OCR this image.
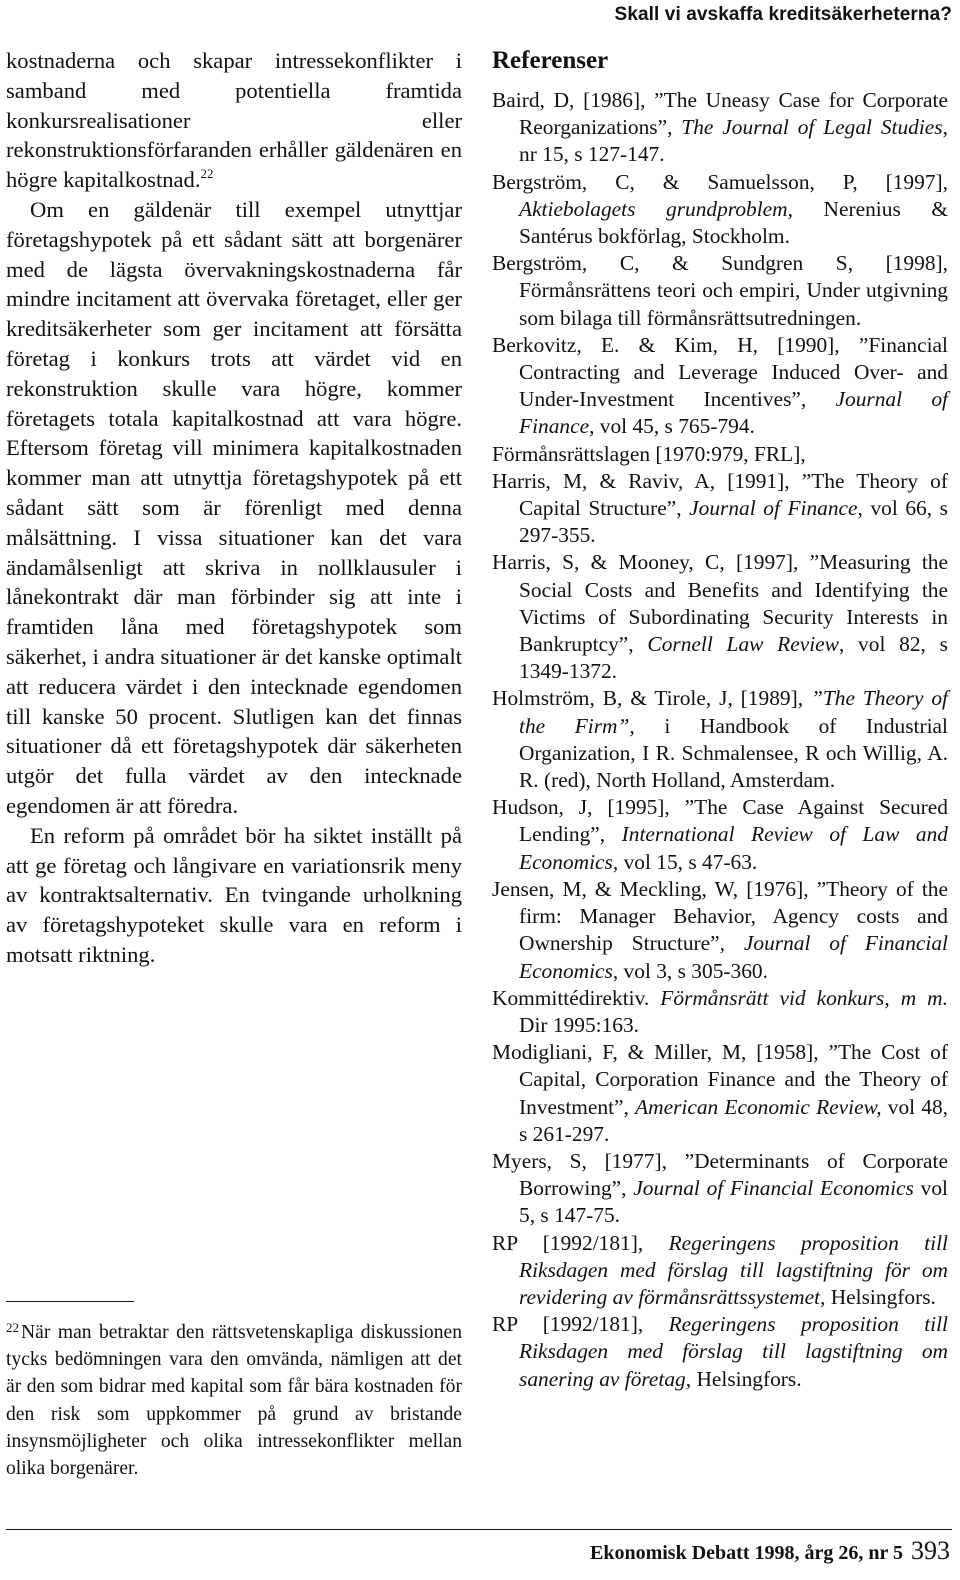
Skall vi avskaffa kreditsäkerheterna?

kostnaderna och skapar intressekonflikter i samband med potentiella framtida konkursrealisationer eller rekonstruktionsförfaranden erhåller gäldenären en högre kapitalkostnad.$^{22}$

Om en gäldenär till exempel utnyttjar företagshypotek på ett sådant sätt att borgenärer med de lägsta övervakningskostnaderna får mindre incitament att övervaka företaget, eller ger kreditsäkerheter som ger incitament att försätta företag i konkurs trots att värdet vid en rekonstruktion skulle vara högre, kommer företagets totala kapitalkostnad att vara högre. Eftersom företag vill minimera kapitalkostnaden kommer man att utnyttja företagshypotek på ett sådant sätt som är förenligt med denna målsättning. I vissa situationer kan det vara ändamålsenligt att skriva in nollklausuler i lånekontrakt där man förbinder sig att inte i framtiden låna med företagshypotek som säkerhet, i andra situationer är det kanske optimalt att reducera värdet i den intecknade egendomen till kanske 50 procent. Slutligen kan det finnas situationer då ett företagshypotek där säkerheten utgör det fulla värdet av den intecknade egendomen är att föredra.

En reform på området bör ha siktet inställt på att ge företag och långivare en variationsrik meny av kontraktsalternativ. En tvingande urholkning av företagshypoteket skulle vara en reform i motsatt riktning.

$^{22}$ När man betraktar den rättsvetenskapliga diskussionen tycks bedömningen vara den omvända, nämligen att det är den som bidrar med kapital som får bära kostnaden för den risk som uppkommer på grund av bristande insynsmöjligheter och olika intressekonflikter mellan olika borgenärer.
Referenser
Baird, D, [1986], ”The Uneasy Case for Corporate Reorganizations”, The Journal of Legal Studies, nr 15, s 127-147.
Bergström, C, & Samuelsson, P, [1997], Aktiebolagets grundproblem, Nerenius & Santérus bokförlag, Stockholm.
Bergström, C, & Sundgren S, [1998], Förmånsrättens teori och empiri, Under utgivning som bilaga till förmånsrättsutredningen.
Berkovitz, E. & Kim, H, [1990], ”Financial Contracting and Leverage Induced Over- and Under-Investment Incentives”, Journal of Finance, vol 45, s 765-794.
Förmånsrättslagen [1970:979, FRL],
Harris, M, & Raviv, A, [1991], ”The Theory of Capital Structure”, Journal of Finance, vol 66, s 297-355.
Harris, S, & Mooney, C, [1997], ”Measuring the Social Costs and Benefits and Identifying the Victims of Subordinating Security Interests in Bankruptcy”, Cornell Law Review, vol 82, s 1349-1372.
Holmström, B, & Tirole, J, [1989], ”The Theory of the Firm”, i Handbook of Industrial Organization, I R. Schmalensee, R och Willig, A. R. (red), North Holland, Amsterdam.
Hudson, J, [1995], ”The Case Against Secured Lending”, International Review of Law and Economics, vol 15, s 47-63.
Jensen, M, & Meckling, W, [1976], ”Theory of the firm: Manager Behavior, Agency costs and Ownership Structure”, Journal of Financial Economics, vol 3, s 305-360.
Kommittédirektiv. Förmånsrätt vid konkurs, m m. Dir 1995:163.
Modigliani, F, & Miller, M, [1958], ”The Cost of Capital, Corporation Finance and the Theory of Investment”, American Economic Review, vol 48, s 261-297.
Myers, S, [1977], ”Determinants of Corporate Borrowing”, Journal of Financial Economics vol 5, s 147-75.
RP [1992/181], Regeringens proposition till Riksdagen med förslag till lagstiftning för om revidering av förmånsrättssystemet, Helsingfors.
RP [1992/181], Regeringens proposition till Riksdagen med förslag till lagstiftning om sanering av företag, Helsingfors.
Ekonomisk Debatt 1998, årg 26, nr 5 393
